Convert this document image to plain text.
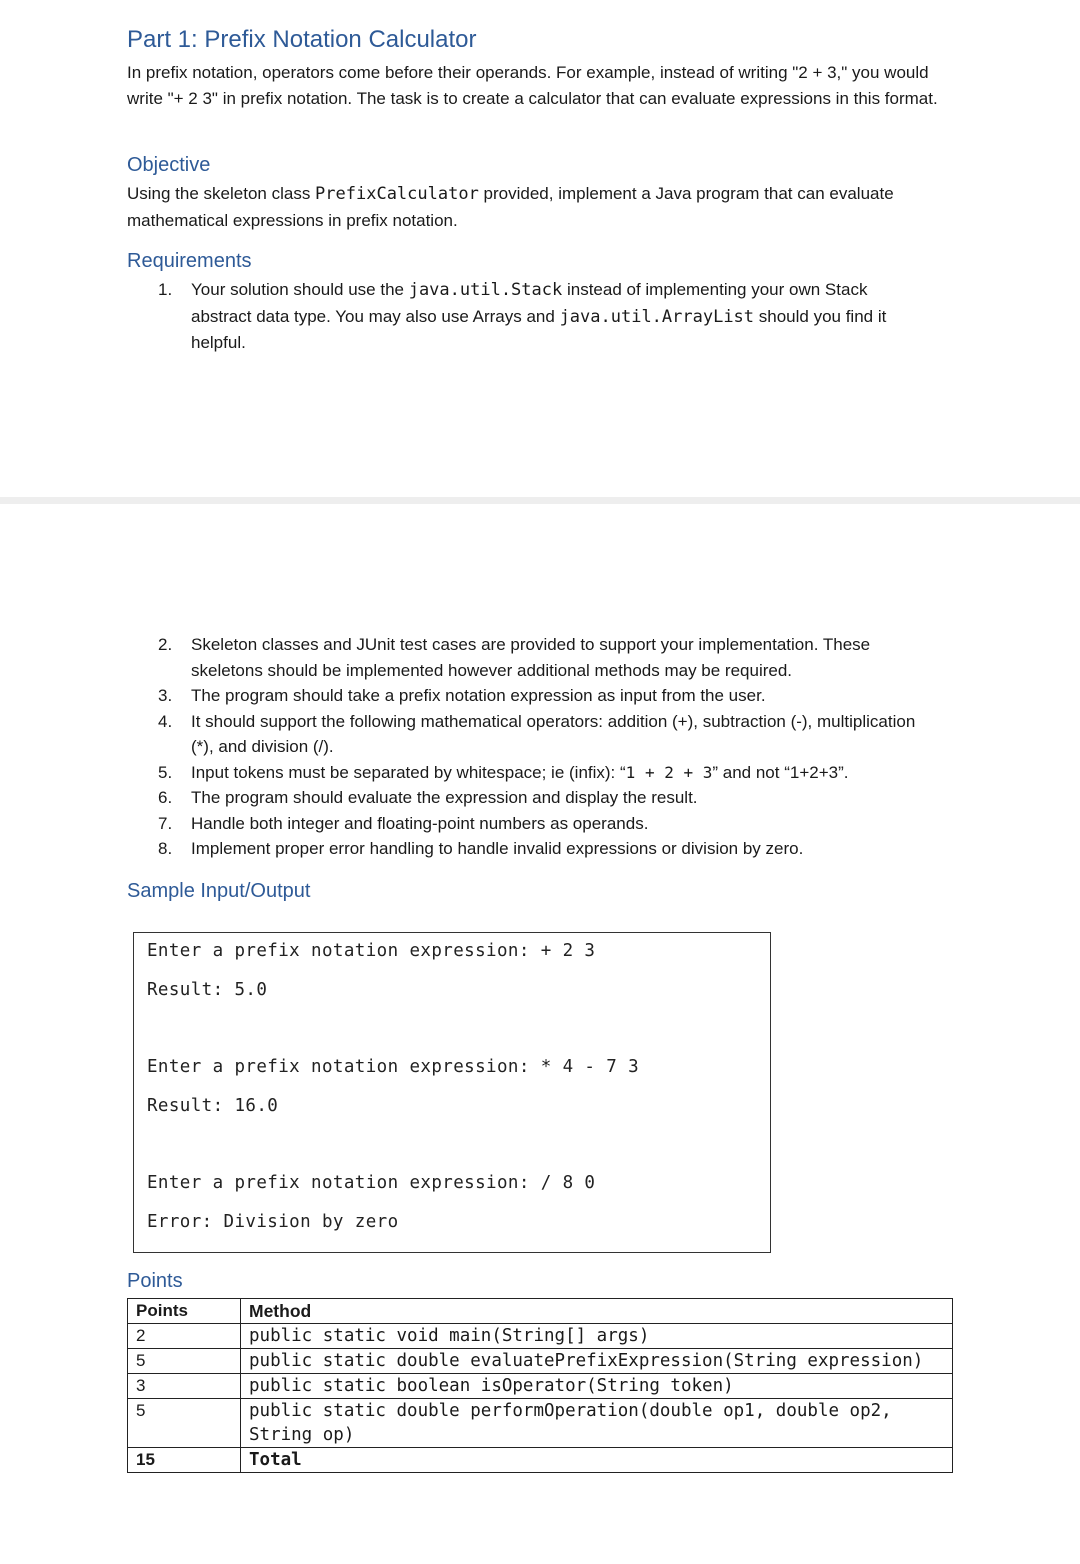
Part 1: Prefix Notation Calculator

In prefix notation, operators come before their operands. For example, instead of writing "2 + 3," you would write "+ 2 3" in prefix notation. The task is to create a calculator that can evaluate expressions in this format.

Objective

Using the skeleton class PrefixCalculator provided, implement a Java program that can evaluate mathematical expressions in prefix notation.

Requirements
1. Your solution should use the java.util.Stack instead of implementing your own Stack abstract data type. You may also use Arrays and java.util.ArrayList should you find it helpful.
2. Skeleton classes and JUnit test cases are provided to support your implementation. These skeletons should be implemented however additional methods may be required.
3. The program should take a prefix notation expression as input from the user.
4. It should support the following mathematical operators: addition (+), subtraction (-), multiplication (*), and division (/).
5. Input tokens must be separated by whitespace; ie (infix): “1 + 2 + 3” and not “1+2+3”.
6. The program should evaluate the expression and display the result.
7. Handle both integer and floating-point numbers as operands.
8. Implement proper error handling to handle invalid expressions or division by zero.
Sample Input/Output
Enter a prefix notation expression: + 2 3
Result: 5.0
Enter a prefix notation expression: * 4 - 7 3
Result: 16.0
Enter a prefix notation expression: / 8 0
Error: Division by zero
Points
Points	Method
2	public static void main(String[] args)
5	public static double evaluatePrefixExpression(String expression)
3	public static boolean isOperator(String token)
5	public static double performOperation(double op1, double op2, String op)
15	Total
